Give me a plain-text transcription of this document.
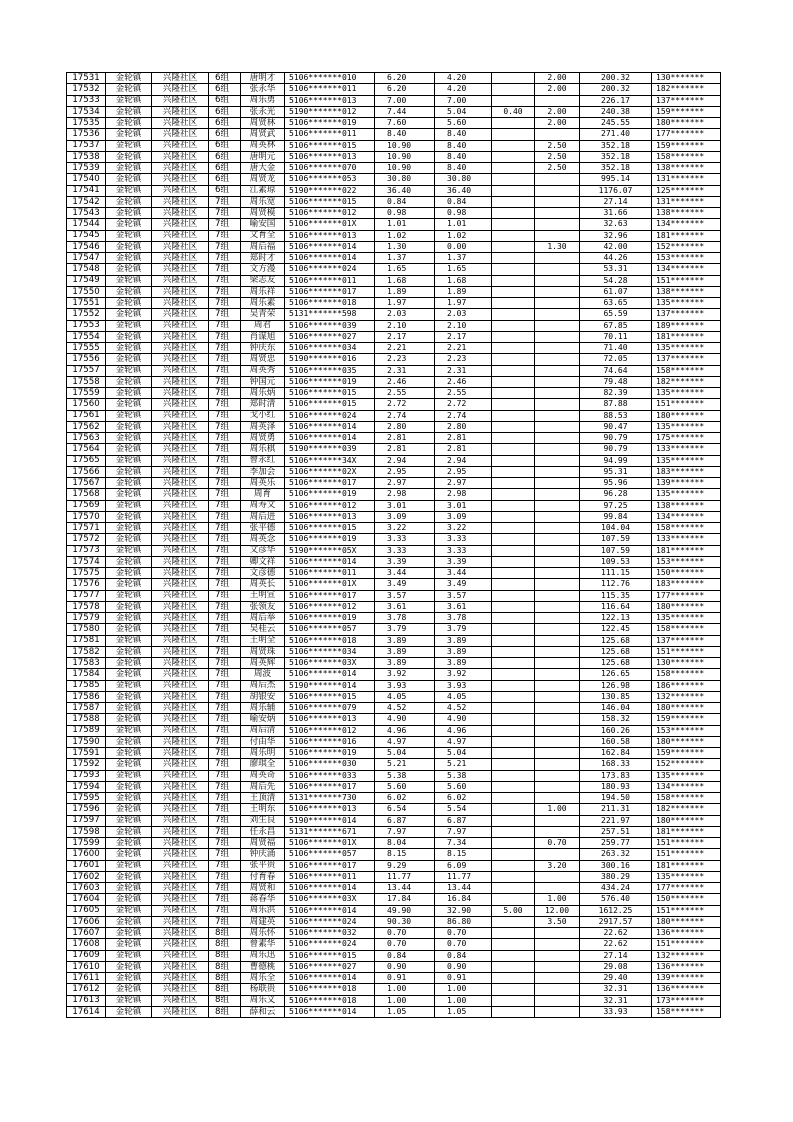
17531	金轮镇	兴隆社区	6组	唐明才	5106*******010	6.20	4.20		2.00	200.32	130*******
17532	金轮镇	兴隆社区	6组	张永华	5106*******011	6.20	4.20		2.00	200.32	182*******
17533	金轮镇	兴隆社区	6组	周乐勇	5106*******013	7.00	7.00			226.17	137*******
17534	金轮镇	兴隆社区	6组	张永光	5190*******012	7.44	5.04	0.40	2.00	240.38	159*******
17535	金轮镇	兴隆社区	6组	周贤林	5106*******019	7.60	5.60		2.00	245.55	180*******
17536	金轮镇	兴隆社区	6组	周贤武	5106*******011	8.40	8.40			271.40	177*******
17537	金轮镇	兴隆社区	6组	周英林	5106*******015	10.90	8.40		2.50	352.18	159*******
17538	金轮镇	兴隆社区	6组	唐明元	5106*******013	10.90	8.40		2.50	352.18	158*******
17539	金轮镇	兴隆社区	6组	唐大金	5106*******070	10.90	8.40		2.50	352.18	138*******
17540	金轮镇	兴隆社区	6组	周贤龙	5106*******053	30.80	30.80			995.14	131*******
17541	金轮镇	兴隆社区	6组	江素琼	5190*******022	36.40	36.40			1176.07	125*******
17542	金轮镇	兴隆社区	7组	周乐宽	5106*******015	0.84	0.84			27.14	131*******
17543	金轮镇	兴隆社区	7组	周贤模	5106*******012	0.98	0.98			31.66	138*******
17544	金轮镇	兴隆社区	7组	喻安国	5106*******01X	1.01	1.01			32.63	134*******
17545	金轮镇	兴隆社区	7组	文育全	5106*******013	1.02	1.02			32.96	181*******
17546	金轮镇	兴隆社区	7组	周后福	5106*******014	1.30	0.00		1.30	42.00	152*******
17547	金轮镇	兴隆社区	7组	郑时才	5106*******014	1.37	1.37			44.26	153*******
17548	金轮镇	兴隆社区	7组	文方漫	5106*******024	1.65	1.65			53.31	134*******
17549	金轮镇	兴隆社区	7组	梁志友	5106*******011	1.68	1.68			54.28	151*******
17550	金轮镇	兴隆社区	7组	周乐祥	5106*******017	1.89	1.89			61.07	138*******
17551	金轮镇	兴隆社区	7组	周乐素	5106*******018	1.97	1.97			63.65	135*******
17552	金轮镇	兴隆社区	7组	吴青荣	5131*******598	2.03	2.03			65.59	137*******
17553	金轮镇	兴隆社区	7组	周君	5106*******039	2.10	2.10			67.85	189*******
17554	金轮镇	兴隆社区	7组	肖谋旭	5106*******027	2.17	2.17			70.11	181*******
17555	金轮镇	兴隆社区	7组	钟庆东	5106*******034	2.21	2.21			71.40	135*******
17556	金轮镇	兴隆社区	7组	周贤忠	5190*******016	2.23	2.23			72.05	137*******
17557	金轮镇	兴隆社区	7组	周英秀	5106*******035	2.31	2.31			74.64	158*******
17558	金轮镇	兴隆社区	7组	钟国元	5106*******019	2.46	2.46			79.48	182*******
17559	金轮镇	兴隆社区	7组	周乐炳	5106*******015	2.55	2.55			82.39	135*******
17560	金轮镇	兴隆社区	7组	郑时清	5106*******015	2.72	2.72			87.88	151*******
17561	金轮镇	兴隆社区	7组	戈小红	5106*******024	2.74	2.74			88.53	180*******
17562	金轮镇	兴隆社区	7组	周英泽	5106*******014	2.80	2.80			90.47	135*******
17563	金轮镇	兴隆社区	7组	周贤勇	5106*******014	2.81	2.81			90.79	175*******
17564	金轮镇	兴隆社区	7组	周乐棋	5190*******039	2.81	2.81			90.79	133*******
17565	金轮镇	兴隆社区	7组	曾永红	5106*******34X	2.94	2.94			94.99	135*******
17566	金轮镇	兴隆社区	7组	李加会	5106*******02X	2.95	2.95			95.31	183*******
17567	金轮镇	兴隆社区	7组	周英乐	5106*******017	2.97	2.97			95.96	139*******
17568	金轮镇	兴隆社区	7组	周育	5106*******019	2.98	2.98			96.28	135*******
17569	金轮镇	兴隆社区	7组	周寿文	5106*******012	3.01	3.01			97.25	138*******
17570	金轮镇	兴隆社区	7组	周后进	5106*******013	3.09	3.09			99.84	134*******
17571	金轮镇	兴隆社区	7组	张平德	5106*******015	3.22	3.22			104.04	158*******
17572	金轮镇	兴隆社区	7组	周英念	5106*******019	3.33	3.33			107.59	133*******
17573	金轮镇	兴隆社区	7组	文彦华	5190*******05X	3.33	3.33			107.59	181*******
17574	金轮镇	兴隆社区	7组	卿文祥	5106*******014	3.39	3.39			109.53	153*******
17575	金轮镇	兴隆社区	7组	文彦德	5106*******011	3.44	3.44			111.15	150*******
17576	金轮镇	兴隆社区	7组	周英长	5106*******01X	3.49	3.49			112.76	183*******
17577	金轮镇	兴隆社区	7组	王明宣	5106*******017	3.57	3.57			115.35	177*******
17578	金轮镇	兴隆社区	7组	张领友	5106*******012	3.61	3.61			116.64	180*******
17579	金轮镇	兴隆社区	7组	周后举	5106*******019	3.78	3.78			122.13	135*******
17580	金轮镇	兴隆社区	7组	吴桂云	5106*******057	3.79	3.79			122.45	158*******
17581	金轮镇	兴隆社区	7组	王明全	5106*******018	3.89	3.89			125.68	137*******
17582	金轮镇	兴隆社区	7组	周贤珠	5106*******034	3.89	3.89			125.68	151*******
17583	金轮镇	兴隆社区	7组	周英辉	5106*******03X	3.89	3.89			125.68	130*******
17584	金轮镇	兴隆社区	7组	周波	5106*******014	3.92	3.92			126.65	158*******
17585	金轮镇	兴隆社区	7组	周后杰	5190*******014	3.93	3.93			126.98	186*******
17586	金轮镇	兴隆社区	7组	胡银安	5106*******015	4.05	4.05			130.85	132*******
17587	金轮镇	兴隆社区	7组	周乐辅	5106*******079	4.52	4.52			146.04	180*******
17588	金轮镇	兴隆社区	7组	喻安炳	5106*******013	4.90	4.90			158.32	159*******
17589	金轮镇	兴隆社区	7组	周后清	5106*******012	4.96	4.96			160.26	153*******
17590	金轮镇	兴隆社区	7组	付由华	5106*******016	4.97	4.97			160.58	180*******
17591	金轮镇	兴隆社区	7组	周乐明	5106*******019	5.04	5.04			162.84	159*******
17592	金轮镇	兴隆社区	7组	廖琪全	5106*******030	5.21	5.21			168.33	152*******
17593	金轮镇	兴隆社区	7组	周英奇	5106*******033	5.38	5.38			173.83	135*******
17594	金轮镇	兴隆社区	7组	周后先	5106*******017	5.60	5.60			180.93	134*******
17595	金轮镇	兴隆社区	7组	王顶清	5131*******730	6.02	6.02			194.50	158*******
17596	金轮镇	兴隆社区	7组	王明东	5106*******013	6.54	5.54		1.00	211.31	182*******
17597	金轮镇	兴隆社区	7组	刘生良	5190*******014	6.87	6.87			221.97	180*******
17598	金轮镇	兴隆社区	7组	任永昌	5131*******671	7.97	7.97			257.51	181*******
17599	金轮镇	兴隆社区	7组	周贤福	5106*******01X	8.04	7.34		0.70	259.77	151*******
17600	金轮镇	兴隆社区	7组	钟庆涌	5106*******057	8.15	8.15			263.32	151*******
17601	金轮镇	兴隆社区	7组	张平贵	5106*******017	9.29	6.09		3.20	300.16	181*******
17602	金轮镇	兴隆社区	7组	付育春	5106*******011	11.77	11.77			380.29	135*******
17603	金轮镇	兴隆社区	7组	周贤和	5106*******014	13.44	13.44			434.24	177*******
17604	金轮镇	兴隆社区	7组	蒋春华	5106*******03X	17.84	16.84		1.00	576.40	150*******
17605	金轮镇	兴隆社区	7组	周乐洪	5106*******014	49.90	32.90	5.00	12.00	1612.25	151*******
17606	金轮镇	兴隆社区	7组	周建英	5106*******024	90.30	86.80		3.50	2917.57	180*******
17607	金轮镇	兴隆社区	8组	周乐怀	5106*******032	0.70	0.70			22.62	136*******
17608	金轮镇	兴隆社区	8组	曾素华	5106*******024	0.70	0.70			22.62	151*******
17609	金轮镇	兴隆社区	8组	周乐迅	5106*******015	0.84	0.84			27.14	132*******
17610	金轮镇	兴隆社区	8组	曹德桃	5106*******027	0.90	0.90			29.08	136*******
17611	金轮镇	兴隆社区	8组	周乐全	5106*******014	0.91	0.91			29.40	139*******
17612	金轮镇	兴隆社区	8组	杨联贵	5106*******018	1.00	1.00			32.31	136*******
17613	金轮镇	兴隆社区	8组	周乐义	5106*******018	1.00	1.00			32.31	173*******
17614	金轮镇	兴隆社区	8组	薛和云	5106*******014	1.05	1.05			33.93	158*******
